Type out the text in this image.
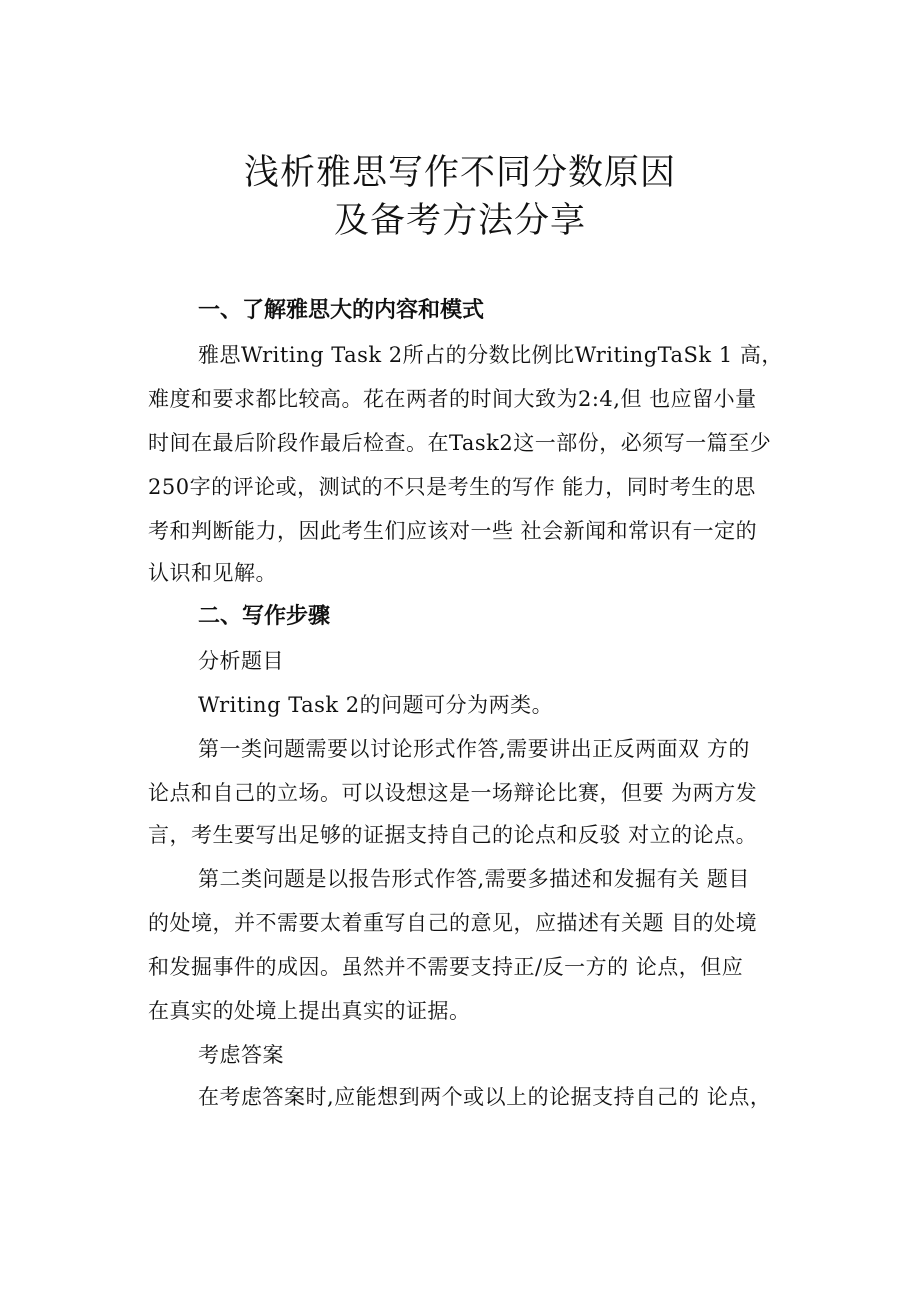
浅析雅思写作不同分数原因
及备考方法分享
一、了解雅思大的内容和模式
雅思Writing Task 2所占的分数比例比WritingTaSk 1 高，
难度和要求都比较高。花在两者的时间大致为2:4,但 也应留小量
时间在最后阶段作最后检查。在Task2这一部份，必须写一篇至少
250字的评论或，测试的不只是考生的写作 能力，同时考生的思
考和判断能力，因此考生们应该对一些 社会新闻和常识有一定的
认识和见解。
二、写作步骤
分析题目
Writing Task 2的问题可分为两类。
第一类问题需要以讨论形式作答,需要讲出正反两面双 方的
论点和自己的立场。可以设想这是一场辩论比赛，但要 为两方发
言，考生要写出足够的证据支持自己的论点和反驳 对立的论点。
第二类问题是以报告形式作答,需要多描述和发掘有关 题目
的处境，并不需要太着重写自己的意见，应描述有关题 目的处境
和发掘事件的成因。虽然并不需要支持正/反一方的 论点，但应
在真实的处境上提出真实的证据。
考虑答案
在考虑答案时,应能想到两个或以上的论据支持自己的 论点，
